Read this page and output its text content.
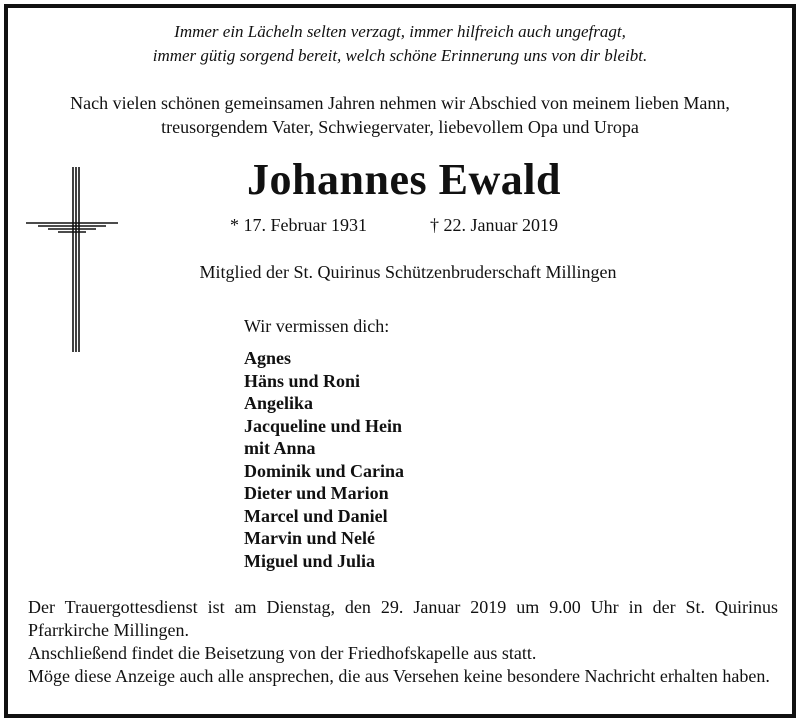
Immer ein Lächeln selten verzagt, immer hilfreich auch ungefragt,
immer gütig sorgend bereit, welch schöne Erinnerung uns von dir bleibt.
Nach vielen schönen gemeinsamen Jahren nehmen wir Abschied von meinem lieben Mann,
treusorgendem Vater, Schwiegervater, liebevollem Opa und Uropa
Johannes Ewald
* 17. Februar 1931	† 22. Januar 2019
Mitglied der St. Quirinus Schützenbruderschaft Millingen
Wir vermissen dich:
Agnes
Häns und Roni
Angelika
Jacqueline und Hein
mit Anna
Dominik und Carina
Dieter und Marion
Marcel und Daniel
Marvin und Nelé
Miguel und Julia

Der Trauergottesdienst ist am Dienstag, den 29. Januar 2019 um 9.00 Uhr in der St. Quirinus Pfarrkirche Millingen.

Anschließend findet die Beisetzung von der Friedhofskapelle aus statt.

Möge diese Anzeige auch alle ansprechen, die aus Versehen keine besondere Nachricht erhalten haben.
